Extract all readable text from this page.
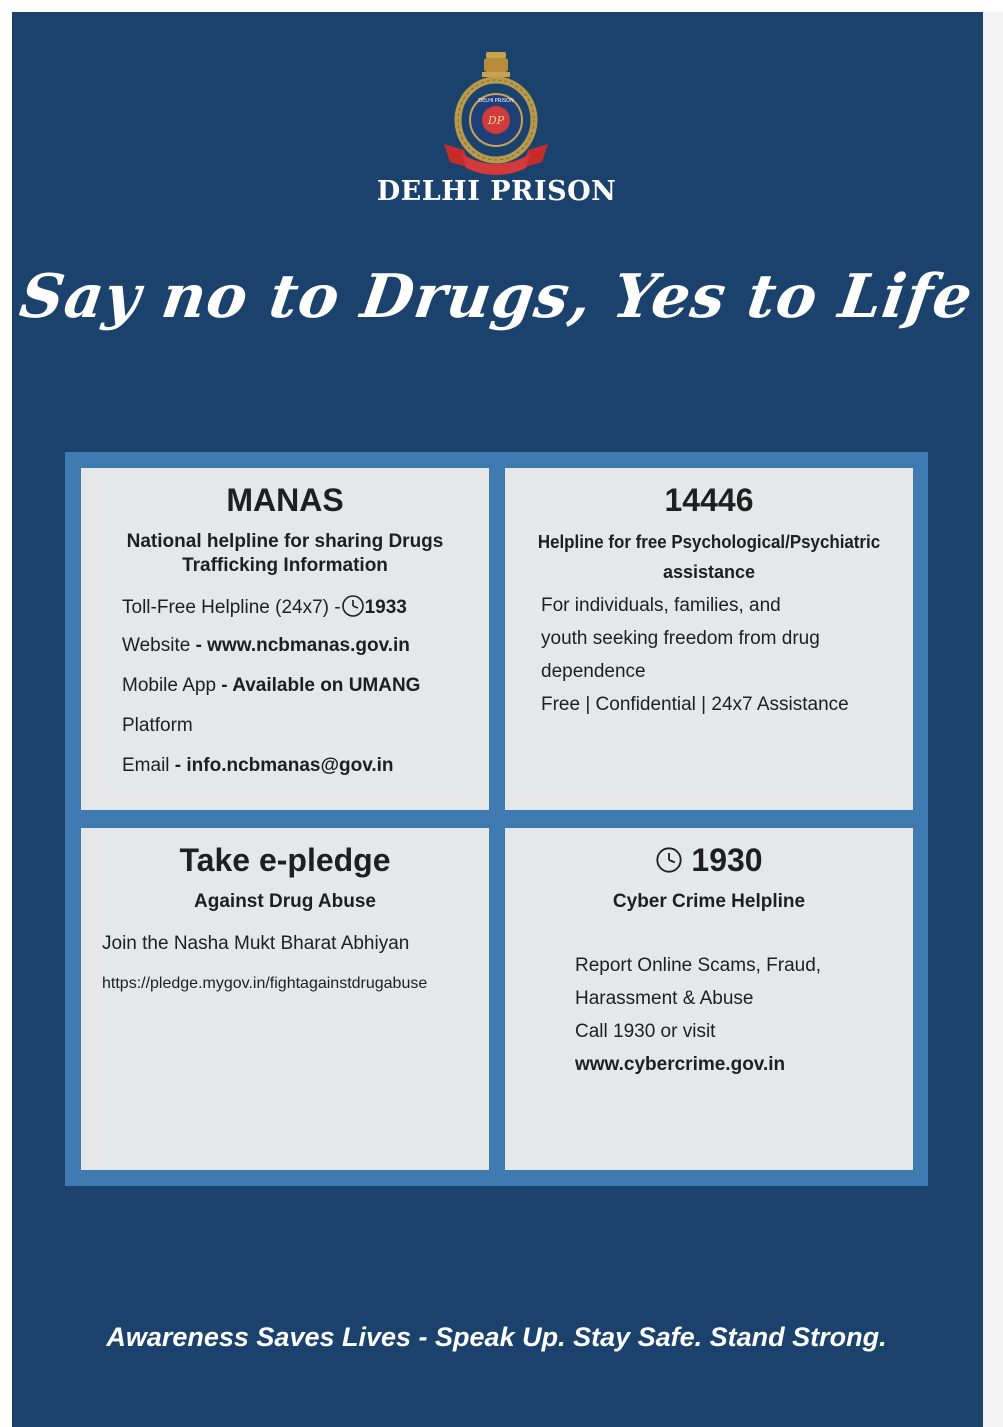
DP
DELHI PRISON
DELHI PRISON
Say no to Drugs, Yes to Life
MANAS
National helpline for sharing Drugs
Trafficking Information
Toll-Free Helpline (24x7) - 1933
Website - www.ncbmanas.gov.in
Mobile App - Available on UMANG
Platform
Email - info.ncbmanas@gov.in
14446
Helpline for free Psychological/Psychiatric
assistance
For individuals, families, and
youth seeking freedom from drug
dependence
Free | Confidential | 24x7 Assistance
Take e-pledge
Against Drug Abuse
Join the Nasha Mukt Bharat Abhiyan
https://pledge.mygov.in/fightagainstdrugabuse
1930
Cyber Crime Helpline
Report Online Scams, Fraud,
Harassment & Abuse
Call 1930 or visit
www.cybercrime.gov.in
Awareness Saves Lives - Speak Up. Stay Safe. Stand Strong.
